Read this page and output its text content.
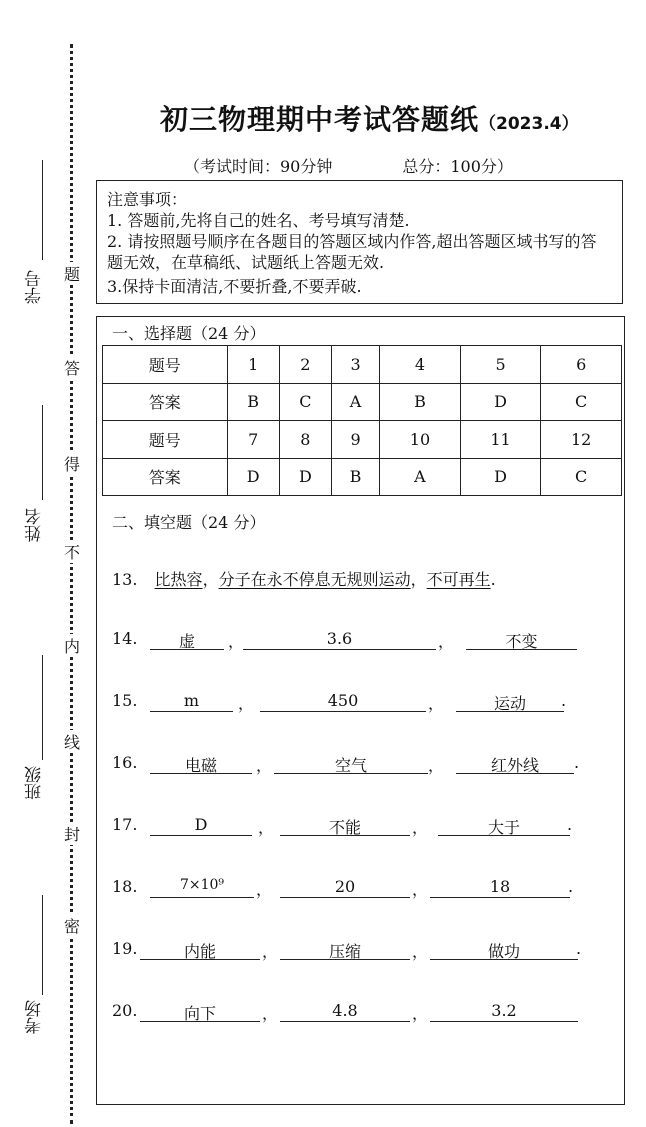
学号
姓名
班级
考场
题
答
得
不
内
线
封
密
初三物理期中考试答题纸（2023.4）
（考试时间：90分钟	总分：100分）
注意事项：
1. 答题前,先将自己的姓名、考号填写清楚.
2. 请按照题号顺序在各题目的答题区域内作答,超出答题区域书写的答题无效，在草稿纸、试题纸上答题无效.
3.保持卡面清洁,不要折叠,不要弄破.
一、选择题（24 分）
题号	1	2	3	4	5	6
答案	B	C	A	B	D	C
题号	7	8	9	10	11	12
答案	D	D	B	A	D	C
二、填空题（24 分）
13. 比热容，分子在永不停息无规则运动，不可再生.
14.	虚	，	3.6	，	不变
15.	m	，	450	，	运动	.
16.	电磁	，	空气	，	红外线	.
17.	D	，	不能	，	大于	.
18.	7×10⁹	，	20	，	18	.
19.	内能	，	压缩	，	做功	.
20.	向下	，	4.8	，	3.2
